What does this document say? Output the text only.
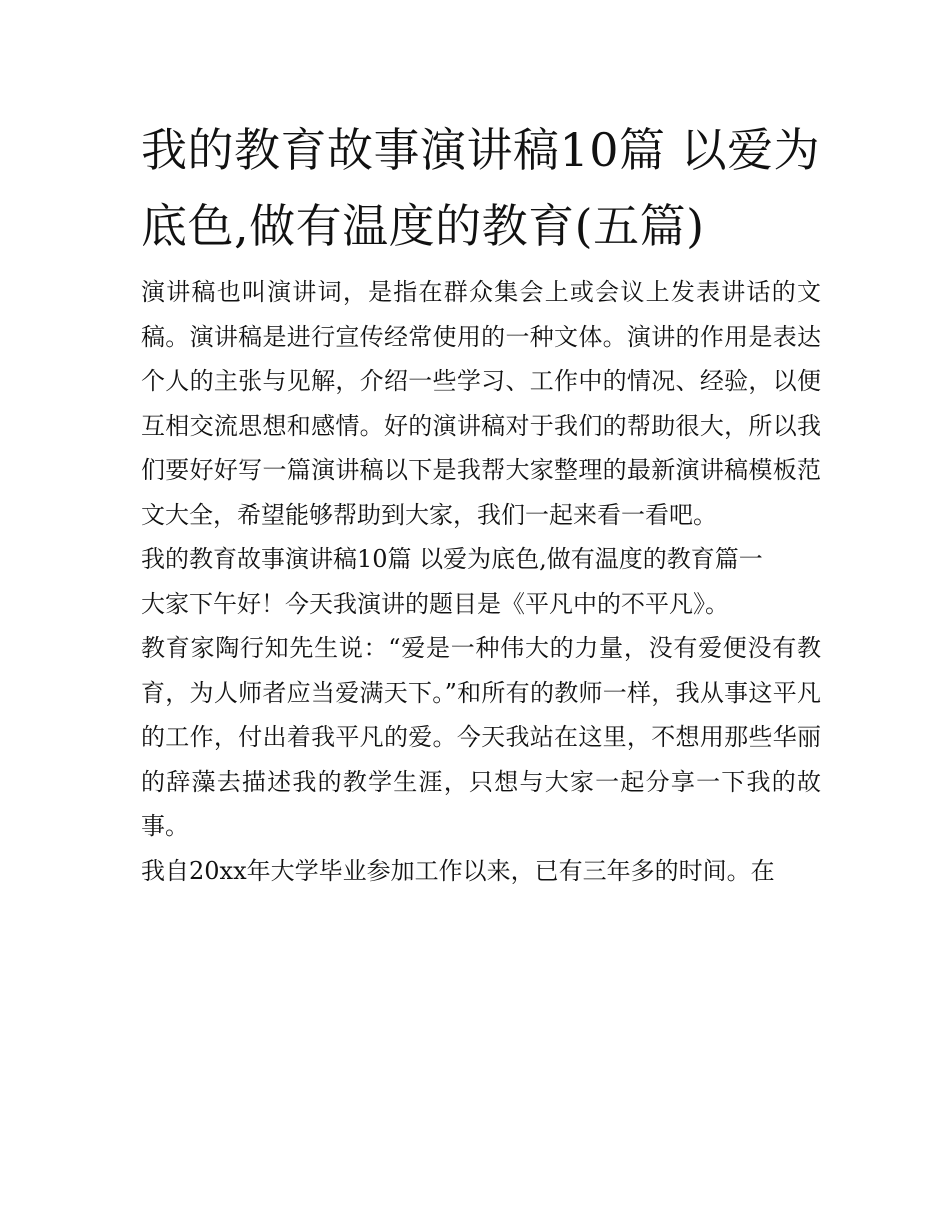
我的教育故事演讲稿10篇 以爱为底色,做有温度的教育(五篇)

演讲稿也叫演讲词，是指在群众集会上或会议上发表讲话的文稿。演讲稿是进行宣传经常使用的一种文体。演讲的作用是表达个人的主张与见解，介绍一些学习、工作中的情况、经验，以便互相交流思想和感情。好的演讲稿对于我们的帮助很大，所以我们要好好写一篇演讲稿以下是我帮大家整理的最新演讲稿模板范文大全，希望能够帮助到大家，我们一起来看一看吧。

我的教育故事演讲稿10篇 以爱为底色,做有温度的教育篇一

大家下午好！今天我演讲的题目是《平凡中的不平凡》。

教育家陶行知先生说：“爱是一种伟大的力量，没有爱便没有教育，为人师者应当爱满天下。”和所有的教师一样，我从事这平凡的工作，付出着我平凡的爱。今天我站在这里，不想用那些华丽的辞藻去描述我的教学生涯，只想与大家一起分享一下我的故事。

我自20xx年大学毕业参加工作以来，已有三年多的时间。在
